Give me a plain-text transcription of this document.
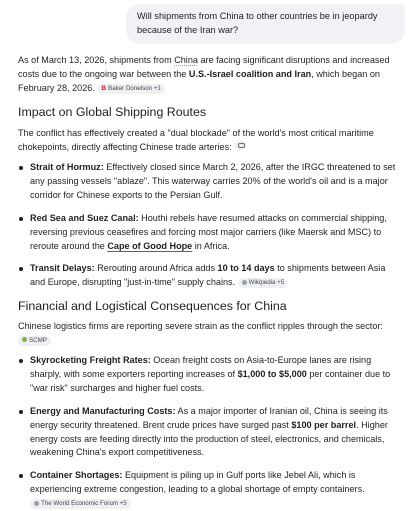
Will shipments from China to other countries be in jeopardy because of the Iran war?

As of March 13, 2026, shipments from China are facing significant disruptions and increased costs due to the ongoing war between the U.S.-Israel coalition and Iran, which began on February 28, 2026. B Baker Donelson +1

Impact on Global Shipping Routes

The conflict has effectively created a "dual blockade" of the world's most critical maritime chokepoints, directly affecting Chinese trade arteries:

Strait of Hormuz: Effectively closed since March 2, 2026, after the IRGC threatened to set any passing vessels "ablaze". This waterway carries 20% of the world's oil and is a major corridor for Chinese exports to the Persian Gulf.
Red Sea and Suez Canal: Houthi rebels have resumed attacks on commercial shipping, reversing previous ceasefires and forcing most major carriers (like Maersk and MSC) to reroute around the Cape of Good Hope in Africa.
Transit Delays: Rerouting around Africa adds 10 to 14 days to shipments between Asia and Europe, disrupting "just-in-time" supply chains. Wikipedia +5
Financial and Logistical Consequences for China

Chinese logistics firms are reporting severe strain as the conflict ripples through the sector: SCMP

Skyrocketing Freight Rates: Ocean freight costs on Asia-to-Europe lanes are rising sharply, with some exporters reporting increases of $1,000 to $5,000 per container due to "war risk" surcharges and higher fuel costs.
Energy and Manufacturing Costs: As a major importer of Iranian oil, China is seeing its energy security threatened. Brent crude prices have surged past $100 per barrel. Higher energy costs are feeding directly into the production of steel, electronics, and chemicals, weakening China's export competitiveness.
Container Shortages: Equipment is piling up in Gulf ports like Jebel Ali, which is experiencing extreme congestion, leading to a global shortage of empty containers. The World Economic Forum +5
